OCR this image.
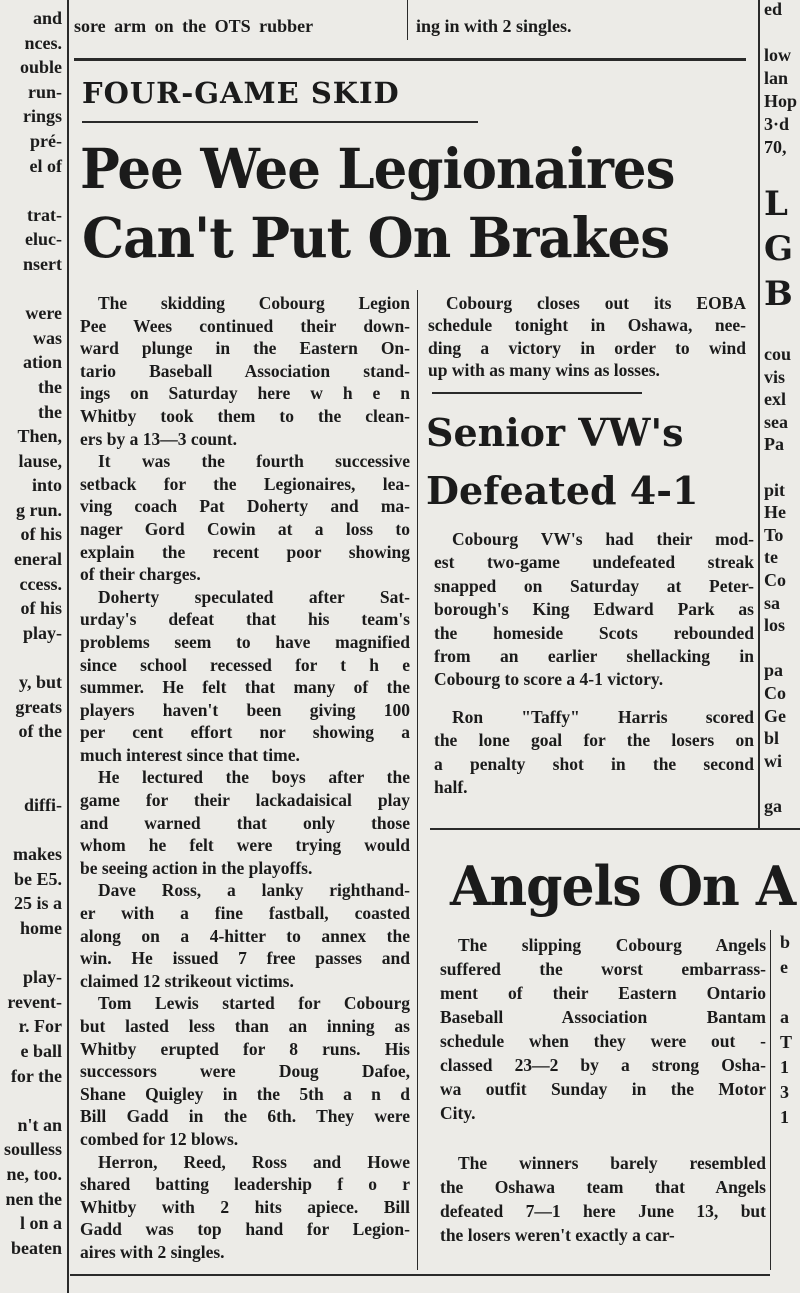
sore arm on the OTS rubber	ing in with 2 singles.
and
nces.
ouble
run-
rings
pré-
el of

trat-
eluc-
nsert

were
was
ation
the
the
Then,
lause,
into
g run.
of his
eneral
ccess.
of his
play-

y, but
greats
of the

diffi-

makes
be E5.
25 is a
home

play-
revent-
r. For
e ball
for the

n't an
soulless
ne, too.
nen the
l on a
beaten
FOUR-GAME SKID
Pee Wee Legionaires
Can't Put On Brakes
The skidding Cobourg Legion
Pee Wees continued their down-
ward plunge in the Eastern On-
tario Baseball Association stand-
ings on Saturday here w h e n
Whitby took them to the clean-
ers by a 13—3 count.
It was the fourth successive
setback for the Legionaires, lea-
ving coach Pat Doherty and ma-
nager Gord Cowin at a loss to
explain the recent poor showing
of their charges.
Doherty speculated after Sat-
urday's defeat that his team's
problems seem to have magnified
since school recessed for t h e
summer. He felt that many of the
players haven't been giving 100
per cent effort nor showing a
much interest since that time.
He lectured the boys after the
game for their lackadaisical play
and warned that only those
whom he felt were trying would
be seeing action in the playoffs.
Dave Ross, a lanky righthand-
er with a fine fastball, coasted
along on a 4-hitter to annex the
win. He issued 7 free passes and
claimed 12 strikeout victims.
Tom Lewis started for Cobourg
but lasted less than an inning as
Whitby erupted for 8 runs. His
successors were Doug Dafoe,
Shane Quigley in the 5th a n d
Bill Gadd in the 6th. They were
combed for 12 blows.
Herron, Reed, Ross and Howe
shared batting leadership f o r
Whitby with 2 hits apiece. Bill
Gadd was top hand for Legion-
aires with 2 singles.
Cobourg closes out its EOBA
schedule tonight in Oshawa, nee-
ding a victory in order to wind
up with as many wins as losses.
Senior VW's
Defeated 4-1
Cobourg VW's had their mod-
est two-game undefeated streak
snapped on Saturday at Peter-
borough's King Edward Park as
the homeside Scots rebounded
from an earlier shellacking in
Cobourg to score a 4-1 victory.
Ron "Taffy" Harris scored
the lone goal for the losers on
a penalty shot in the second
half.
Angels On A
The slipping Cobourg Angels
suffered the worst embarrass-
ment of their Eastern Ontario
Baseball Association Bantam
schedule when they were out -
classed 23—2 by a strong Osha-
wa outfit Sunday in the Motor
City.
The winners barely resembled
the Oshawa team that Angels
defeated 7—1 here June 13, but
the losers weren't exactly a car-
ed

low
lan
Hop
3·d
70,
L
G
B
cou
vis
exl
sea
Pa

pit
He
To
te
Co
sa
los

pa
Co
Ge
bl
wi

ga
b
e

a
T
1
3
1
